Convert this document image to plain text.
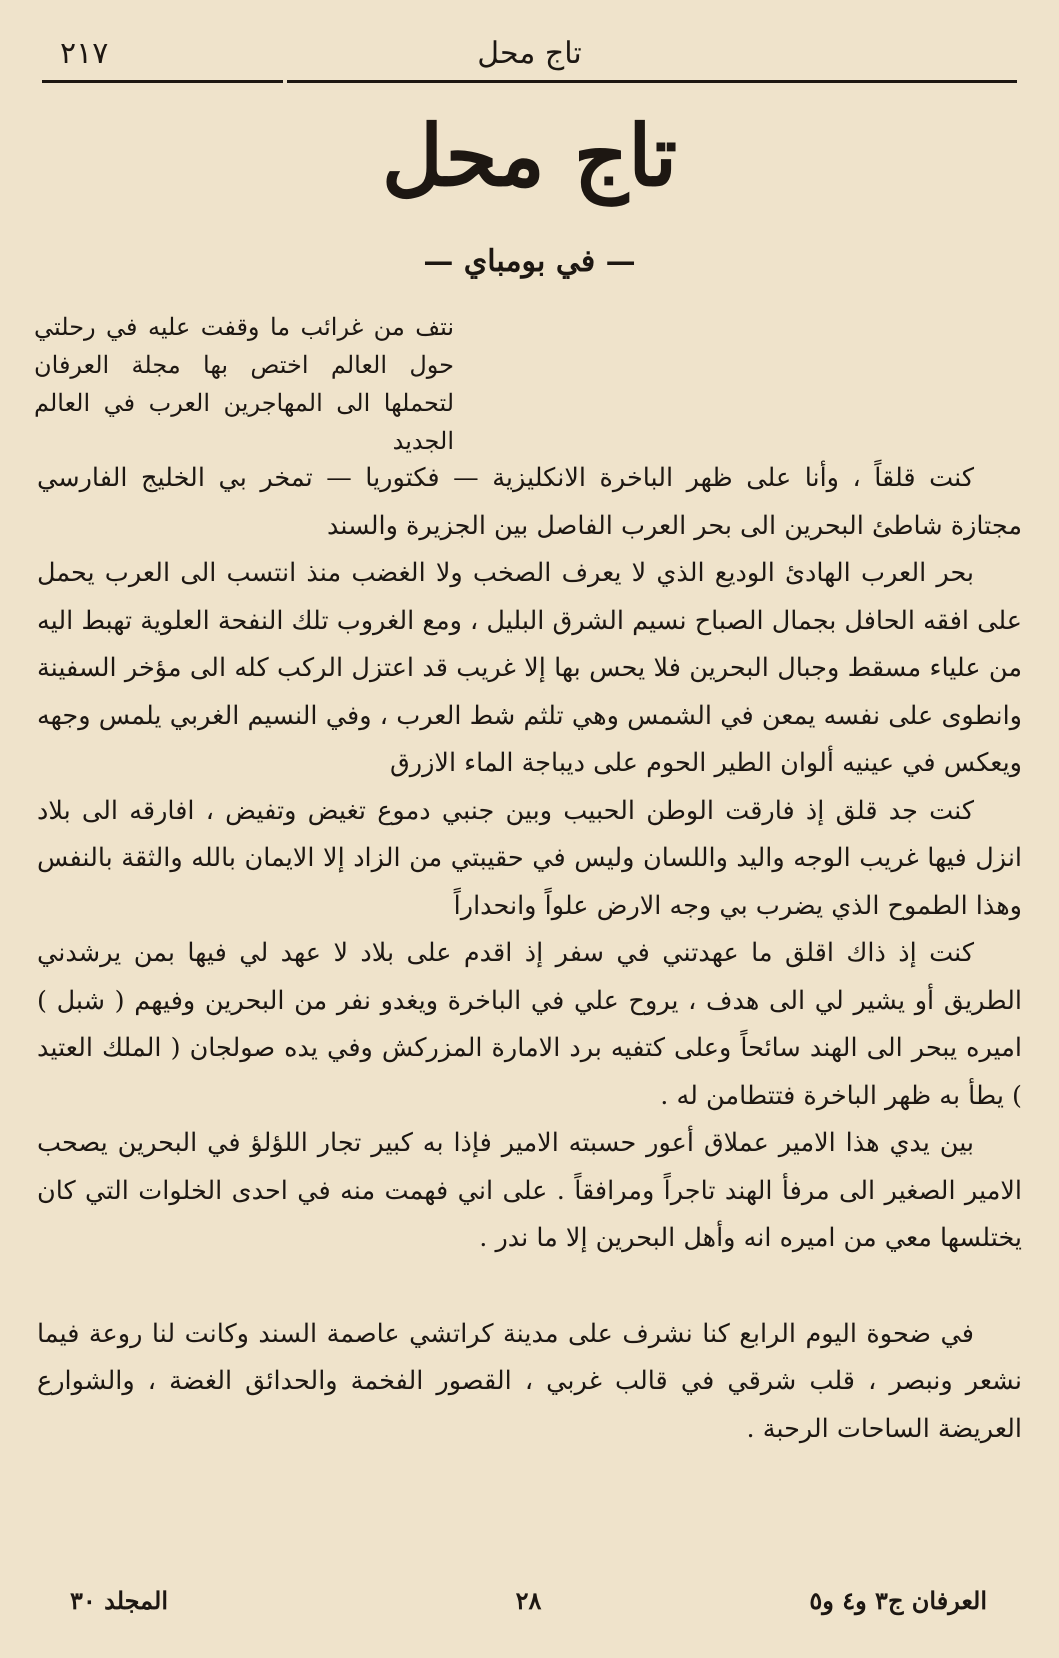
تاج محل
٢١٧
تاج محل
— في بومباي —
نتف من غرائب ما وقفت عليه في رحلتي حول العالم اختص بها مجلة العرفان لتحملها الى المهاجرين العرب في العالم الجديد

كنت قلقاً ، وأنا على ظهر الباخرة الانكليزية — فكتوريا — تمخر بي الخليج الفارسي مجتازة شاطئ البحرين الى بحر العرب الفاصل بين الجزيرة والسند

بحر العرب الهادئ الوديع الذي لا يعرف الصخب ولا الغضب منذ انتسب الى العرب يحمل على افقه الحافل بجمال الصباح نسيم الشرق البليل ، ومع الغروب تلك النفحة العلوية تهبط اليه من علياء مسقط وجبال البحرين فلا يحس بها إلا غريب قد اعتزل الركب كله الى مؤخر السفينة وانطوى على نفسه يمعن في الشمس وهي تلثم شط العرب ، وفي النسيم الغربي يلمس وجهه ويعكس في عينيه ألوان الطير الحوم على ديباجة الماء الازرق

كنت جد قلق إذ فارقت الوطن الحبيب وبين جنبي دموع تغيض وتفيض ، افارقه الى بلاد انزل فيها غريب الوجه واليد واللسان وليس في حقيبتي من الزاد إلا الايمان بالله والثقة بالنفس وهذا الطموح الذي يضرب بي وجه الارض علواً وانحداراً

كنت إذ ذاك اقلق ما عهدتني في سفر إذ اقدم على بلاد لا عهد لي فيها بمن يرشدني الطريق أو يشير لي الى هدف ، يروح علي في الباخرة ويغدو نفر من البحرين وفيهم ( شبل ) اميره يبحر الى الهند سائحاً وعلى كتفيه برد الامارة المزركش وفي يده صولجان ( الملك العتيد ) يطأ به ظهر الباخرة فتتطامن له .

بين يدي هذا الامير عملاق أعور حسبته الامير فإذا به كبير تجار اللؤلؤ في البحرين يصحب الامير الصغير الى مرفأ الهند تاجراً ومرافقاً . على اني فهمت منه في احدى الخلوات التي كان يختلسها معي من اميره انه وأهل البحرين إلا ما ندر .

في ضحوة اليوم الرابع كنا نشرف على مدينة كراتشي عاصمة السند وكانت لنا روعة فيما نشعر ونبصر ، قلب شرقي في قالب غربي ، القصور الفخمة والحدائق الغضة ، والشوارع العريضة الساحات الرحبة .

العرفان ج٣ و٤ و٥
٢٨
المجلد ٣٠
